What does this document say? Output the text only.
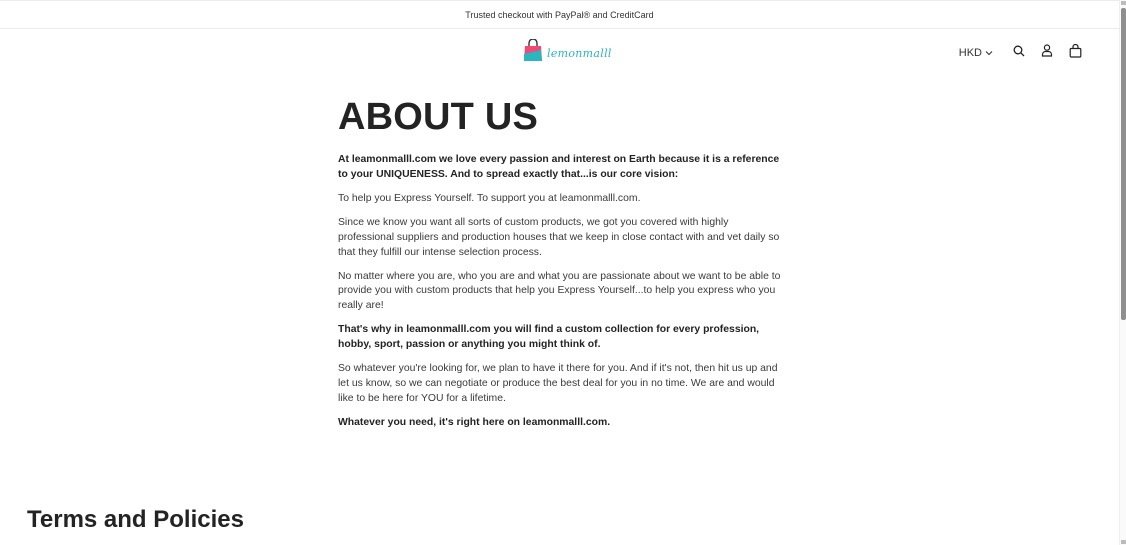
Trusted checkout with PayPal® and CreditCard
lemonmalll	HKD
ABOUT US

At leamonmalll.com we love every passion and interest on Earth because it is a reference to your UNIQUENESS. And to spread exactly that...is our core vision:

To help you Express Yourself. To support you at leamonmalll.com.

Since we know you want all sorts of custom products, we got you covered with highly professional suppliers and production houses that we keep in close contact with and vet daily so that they fulfill our intense selection process.

No matter where you are, who you are and what you are passionate about we want to be able to provide you with custom products that help you Express Yourself...to help you express who you really are!

That's why in leamonmalll.com you will find a custom collection for every profession, hobby, sport, passion or anything you might think of.

So whatever you're looking for, we plan to have it there for you. And if it's not, then hit us up and let us know, so we can negotiate or produce the best deal for you in no time. We are and would like to be here for YOU for a lifetime.

Whatever you need, it's right here on leamonmalll.com.

Terms and Policies
